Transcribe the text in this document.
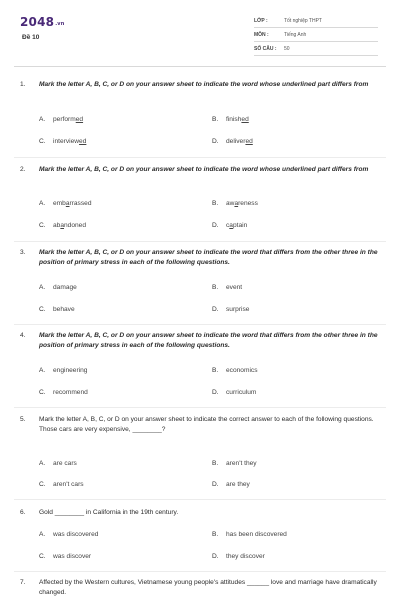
$2048_{.vn}$
Đề 10
LỚP :	Tốt nghiệp THPT
MÔN :	Tiếng Anh
SỐ CÂU : 50
1. Mark the letter A, B, C, or D on your answer sheet to indicate the word whose underlined part differs from
A. performed	B. finished
C. interviewed	D. delivered
2. Mark the letter A, B, C, or D on your answer sheet to indicate the word whose underlined part differs from
A. embarrassed	B. awareness
C. abandoned	D. captain
3. Mark the letter A, B, C, or D on your answer sheet to indicate the word that differs from the other three in the position of primary stress in each of the following questions.
A. damage	B. event
C. behave	D. surprise
4. Mark the letter A, B, C, or D on your answer sheet to indicate the word that differs from the other three in the position of primary stress in each of the following questions.
A. engineering	B. economics
C. recommend	D. curriculum
5. Mark the letter A, B, C, or D on your answer sheet to indicate the correct answer to each of the following questions.
Those cars are very expensive, ________?
A. are cars	B. aren't they
C. aren't cars	D. are they
6. Gold ________ in California in the 19th century.
A. was discovered	B. has been discovered
C. was discover	D. they discover
7. Affected by the Western cultures, Vietnamese young people's attitudes ______ love and marriage have dramatically changed.
